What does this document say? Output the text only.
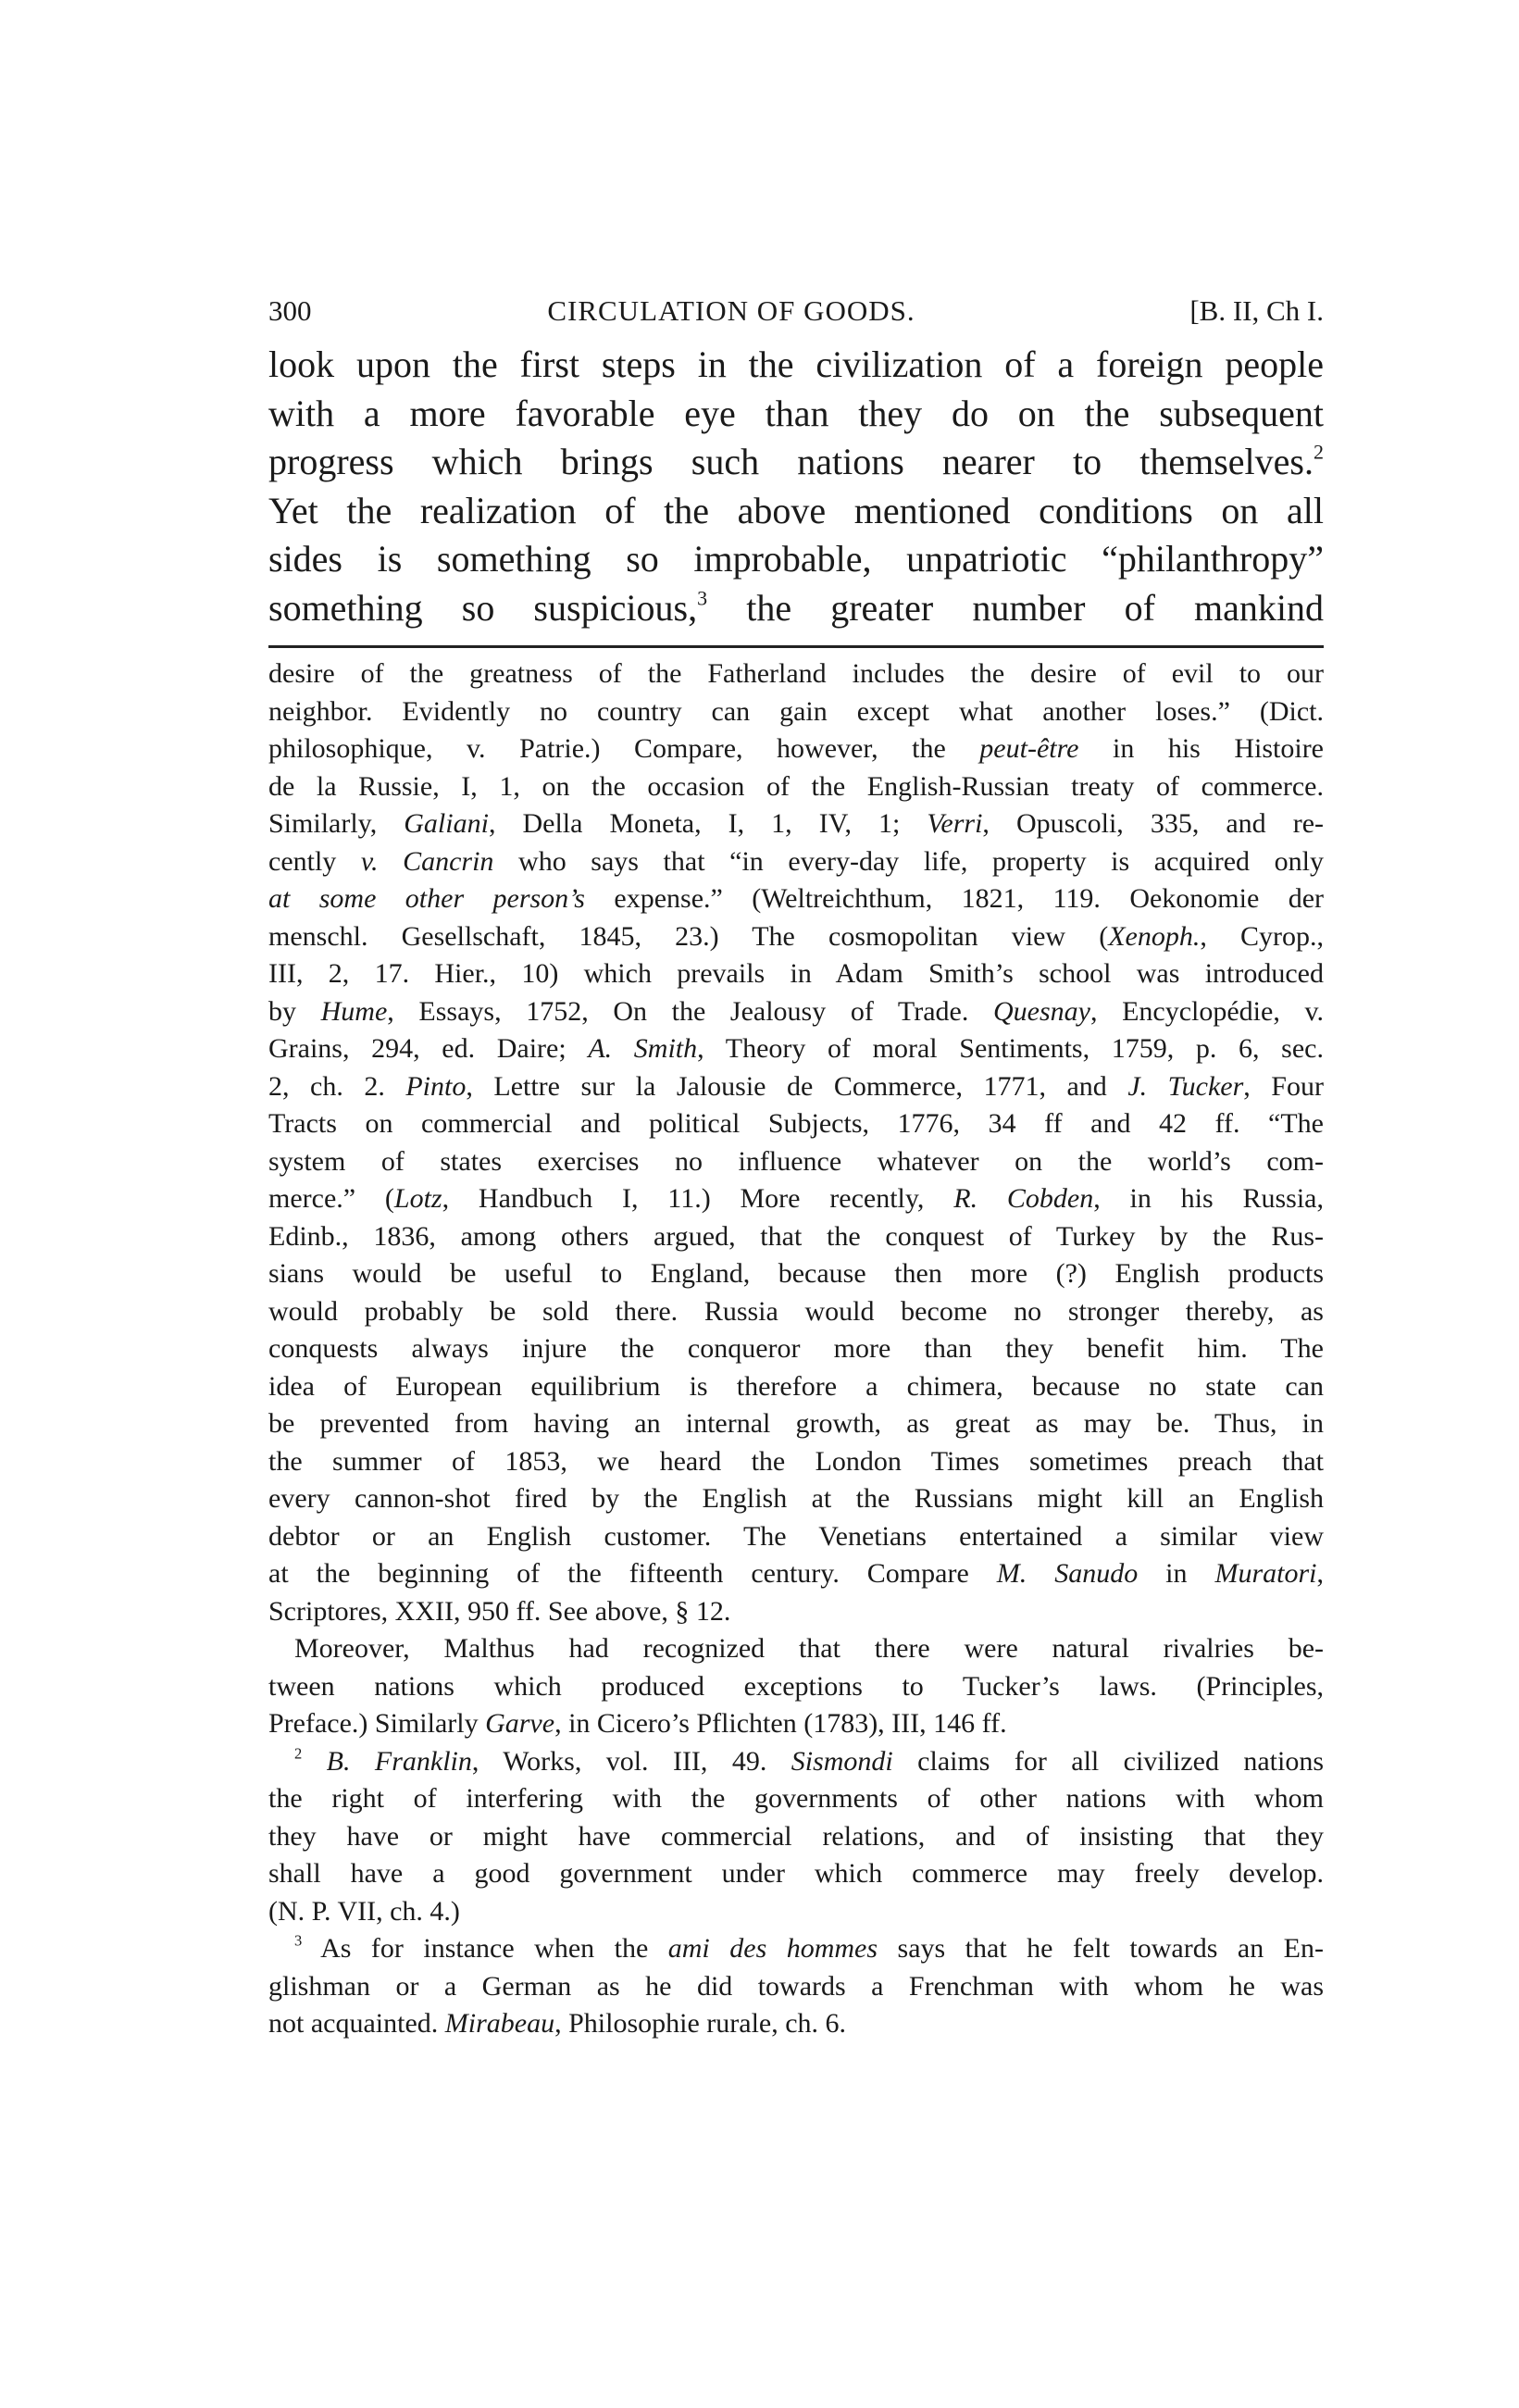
300	CIRCULATION OF GOODS.	[B. II, Ch I.
look upon the first steps in the civilization of a foreign people
with a more favorable eye than they do on the subsequent
progress which brings such nations nearer to themselves.$^2$
Yet the realization of the above mentioned conditions on all
sides is something so improbable, unpatriotic “philanthropy”
something so suspicious,$^3$ the greater number of mankind
desire of the greatness of the Fatherland includes the desire of evil to our
neighbor. Evidently no country can gain except what another loses.” (Dict.
philosophique, v. Patrie.) Compare, however, the peut-être in his Histoire
de la Russie, I, 1, on the occasion of the English-Russian treaty of commerce.
Similarly, Galiani, Della Moneta, I, 1, IV, 1; Verri, Opuscoli, 335, and re-
cently v. Cancrin who says that “in every-day life, property is acquired only
at some other person’s expense.” (Weltreichthum, 1821, 119. Oekonomie der
menschl. Gesellschaft, 1845, 23.) The cosmopolitan view (Xenoph., Cyrop.,
III, 2, 17. Hier., 10) which prevails in Adam Smith’s school was introduced
by Hume, Essays, 1752, On the Jealousy of Trade. Quesnay, Encyclopédie, v.
Grains, 294, ed. Daire; A. Smith, Theory of moral Sentiments, 1759, p. 6, sec.
2, ch. 2. Pinto, Lettre sur la Jalousie de Commerce, 1771, and J. Tucker, Four
Tracts on commercial and political Subjects, 1776, 34 ff and 42 ff. “The
system of states exercises no influence whatever on the world’s com-
merce.” (Lotz, Handbuch I, 11.) More recently, R. Cobden, in his Russia,
Edinb., 1836, among others argued, that the conquest of Turkey by the Rus-
sians would be useful to England, because then more (?) English products
would probably be sold there. Russia would become no stronger thereby, as
conquests always injure the conqueror more than they benefit him. The
idea of European equilibrium is therefore a chimera, because no state can
be prevented from having an internal growth, as great as may be. Thus, in
the summer of 1853, we heard the London Times sometimes preach that
every cannon-shot fired by the English at the Russians might kill an English
debtor or an English customer. The Venetians entertained a similar view
at the beginning of the fifteenth century. Compare M. Sanudo in Muratori,
Scriptores, XXII, 950 ff. See above, § 12.
Moreover, Malthus had recognized that there were natural rivalries be-
tween nations which produced exceptions to Tucker’s laws. (Principles,
Preface.) Similarly Garve, in Cicero’s Pflichten (1783), III, 146 ff.
$^2$ B. Franklin, Works, vol. III, 49. Sismondi claims for all civilized nations
the right of interfering with the governments of other nations with whom
they have or might have commercial relations, and of insisting that they
shall have a good government under which commerce may freely develop.
(N. P. VII, ch. 4.)
$^3$ As for instance when the ami des hommes says that he felt towards an En-
glishman or a German as he did towards a Frenchman with whom he was
not acquainted. Mirabeau, Philosophie rurale, ch. 6.
